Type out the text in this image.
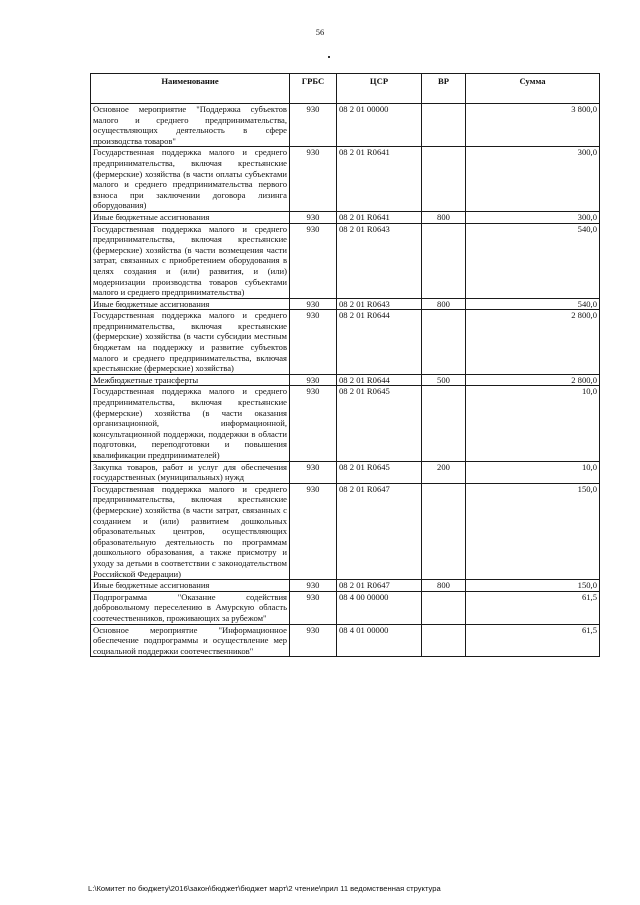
56
Наименование	ГРБС	ЦСР	ВР	Сумма
Основное мероприятие "Поддержка субъектов малого и среднего предпринимательства, осуществляющих деятельность в сфере производства товаров"	930	08 2 01 00000		3 800,0
Государственная поддержка малого и среднего предпринимательства, включая крестьянские (фермерские) хозяйства (в части оплаты субъектами малого и среднего предпринимательства первого взноса при заключении договора лизинга оборудования)	930	08 2 01 R0641		300,0
Иные бюджетные ассигнования	930	08 2 01 R0641	800	300,0
Государственная поддержка малого и среднего предпринимательства, включая крестьянские (фермерские) хозяйства (в части возмещения части затрат, связанных с приобретением оборудования в целях создания и (или) развития, и (или) модернизации производства товаров субъектами малого и среднего предпринимательства)	930	08 2 01 R0643		540,0
Иные бюджетные ассигнования	930	08 2 01 R0643	800	540,0
Государственная поддержка малого и среднего предпринимательства, включая крестьянские (фермерские) хозяйства (в части субсидии местным бюджетам на поддержку и развитие субъектов малого и среднего предпринимательства, включая крестьянские (фермерские) хозяйства)	930	08 2 01 R0644		2 800,0
Межбюджетные трансферты	930	08 2 01 R0644	500	2 800,0
Государственная поддержка малого и среднего предпринимательства, включая крестьянские (фермерские) хозяйства (в части оказания организационной, информационной, консультационной поддержки, поддержки в области подготовки, переподготовки и повышения квалификации предпринимателей)	930	08 2 01 R0645		10,0
Закупка товаров, работ и услуг для обеспечения государственных (муниципальных) нужд	930	08 2 01 R0645	200	10,0
Государственная поддержка малого и среднего предпринимательства, включая крестьянские (фермерские) хозяйства (в части затрат, связанных с созданием и (или) развитием дошкольных образовательных центров, осуществляющих образовательную деятельность по программам дошкольного образования, а также присмотру и уходу за детьми в соответствии с законодательством Российской Федерации)	930	08 2 01 R0647		150,0
Иные бюджетные ассигнования	930	08 2 01 R0647	800	150,0
Подпрограмма "Оказание содействия добровольному переселению в Амурскую область соотечественников, проживающих за рубежом"	930	08 4 00 00000		61,5
Основное мероприятие "Информационное обеспечение подпрограммы и осуществление мер социальной поддержки соотечественников"	930	08 4 01 00000		61,5
L:\Комитет по бюджету\2016\закон\бюджет\бюджет март\2 чтение\прил 11 ведомственная структура
